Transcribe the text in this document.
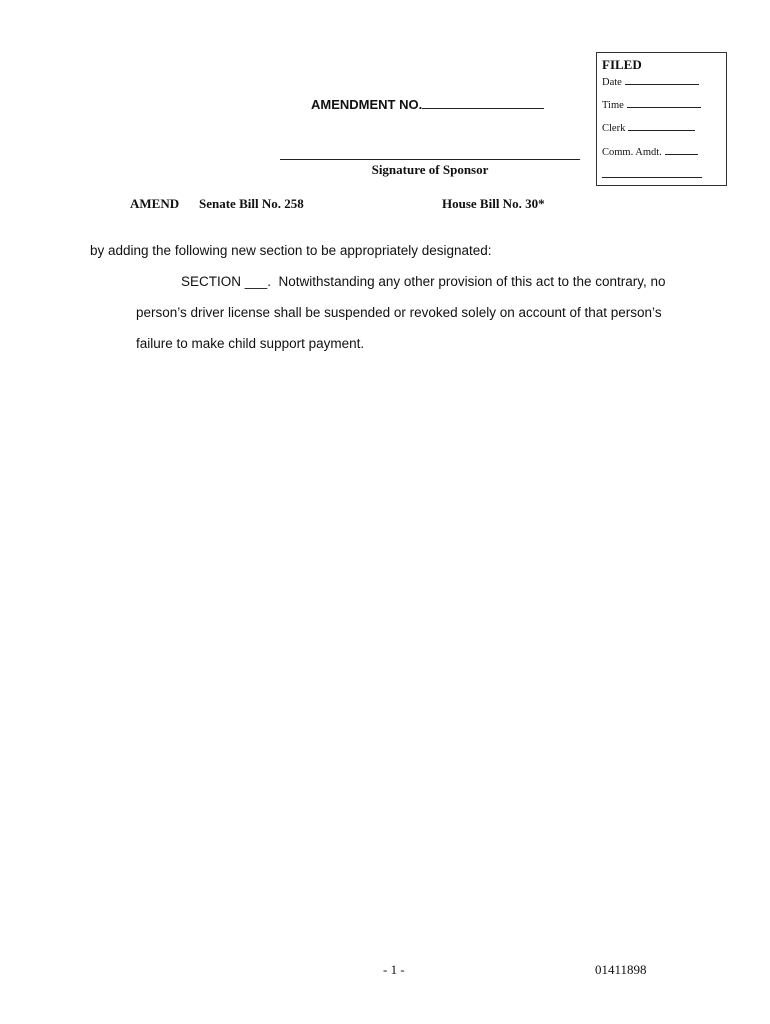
FILED
Date
Time
Clerk
Comm. Amdt.
AMENDMENT NO.
Signature of Sponsor
AMEND Senate Bill No. 258	House Bill No. 30*
by adding the following new section to be appropriately designated:
SECTION ___. Notwithstanding any other provision of this act to the contrary, no
person’s driver license shall be suspended or revoked solely on account of that person’s
failure to make child support payment.
- 1 -	01411898
